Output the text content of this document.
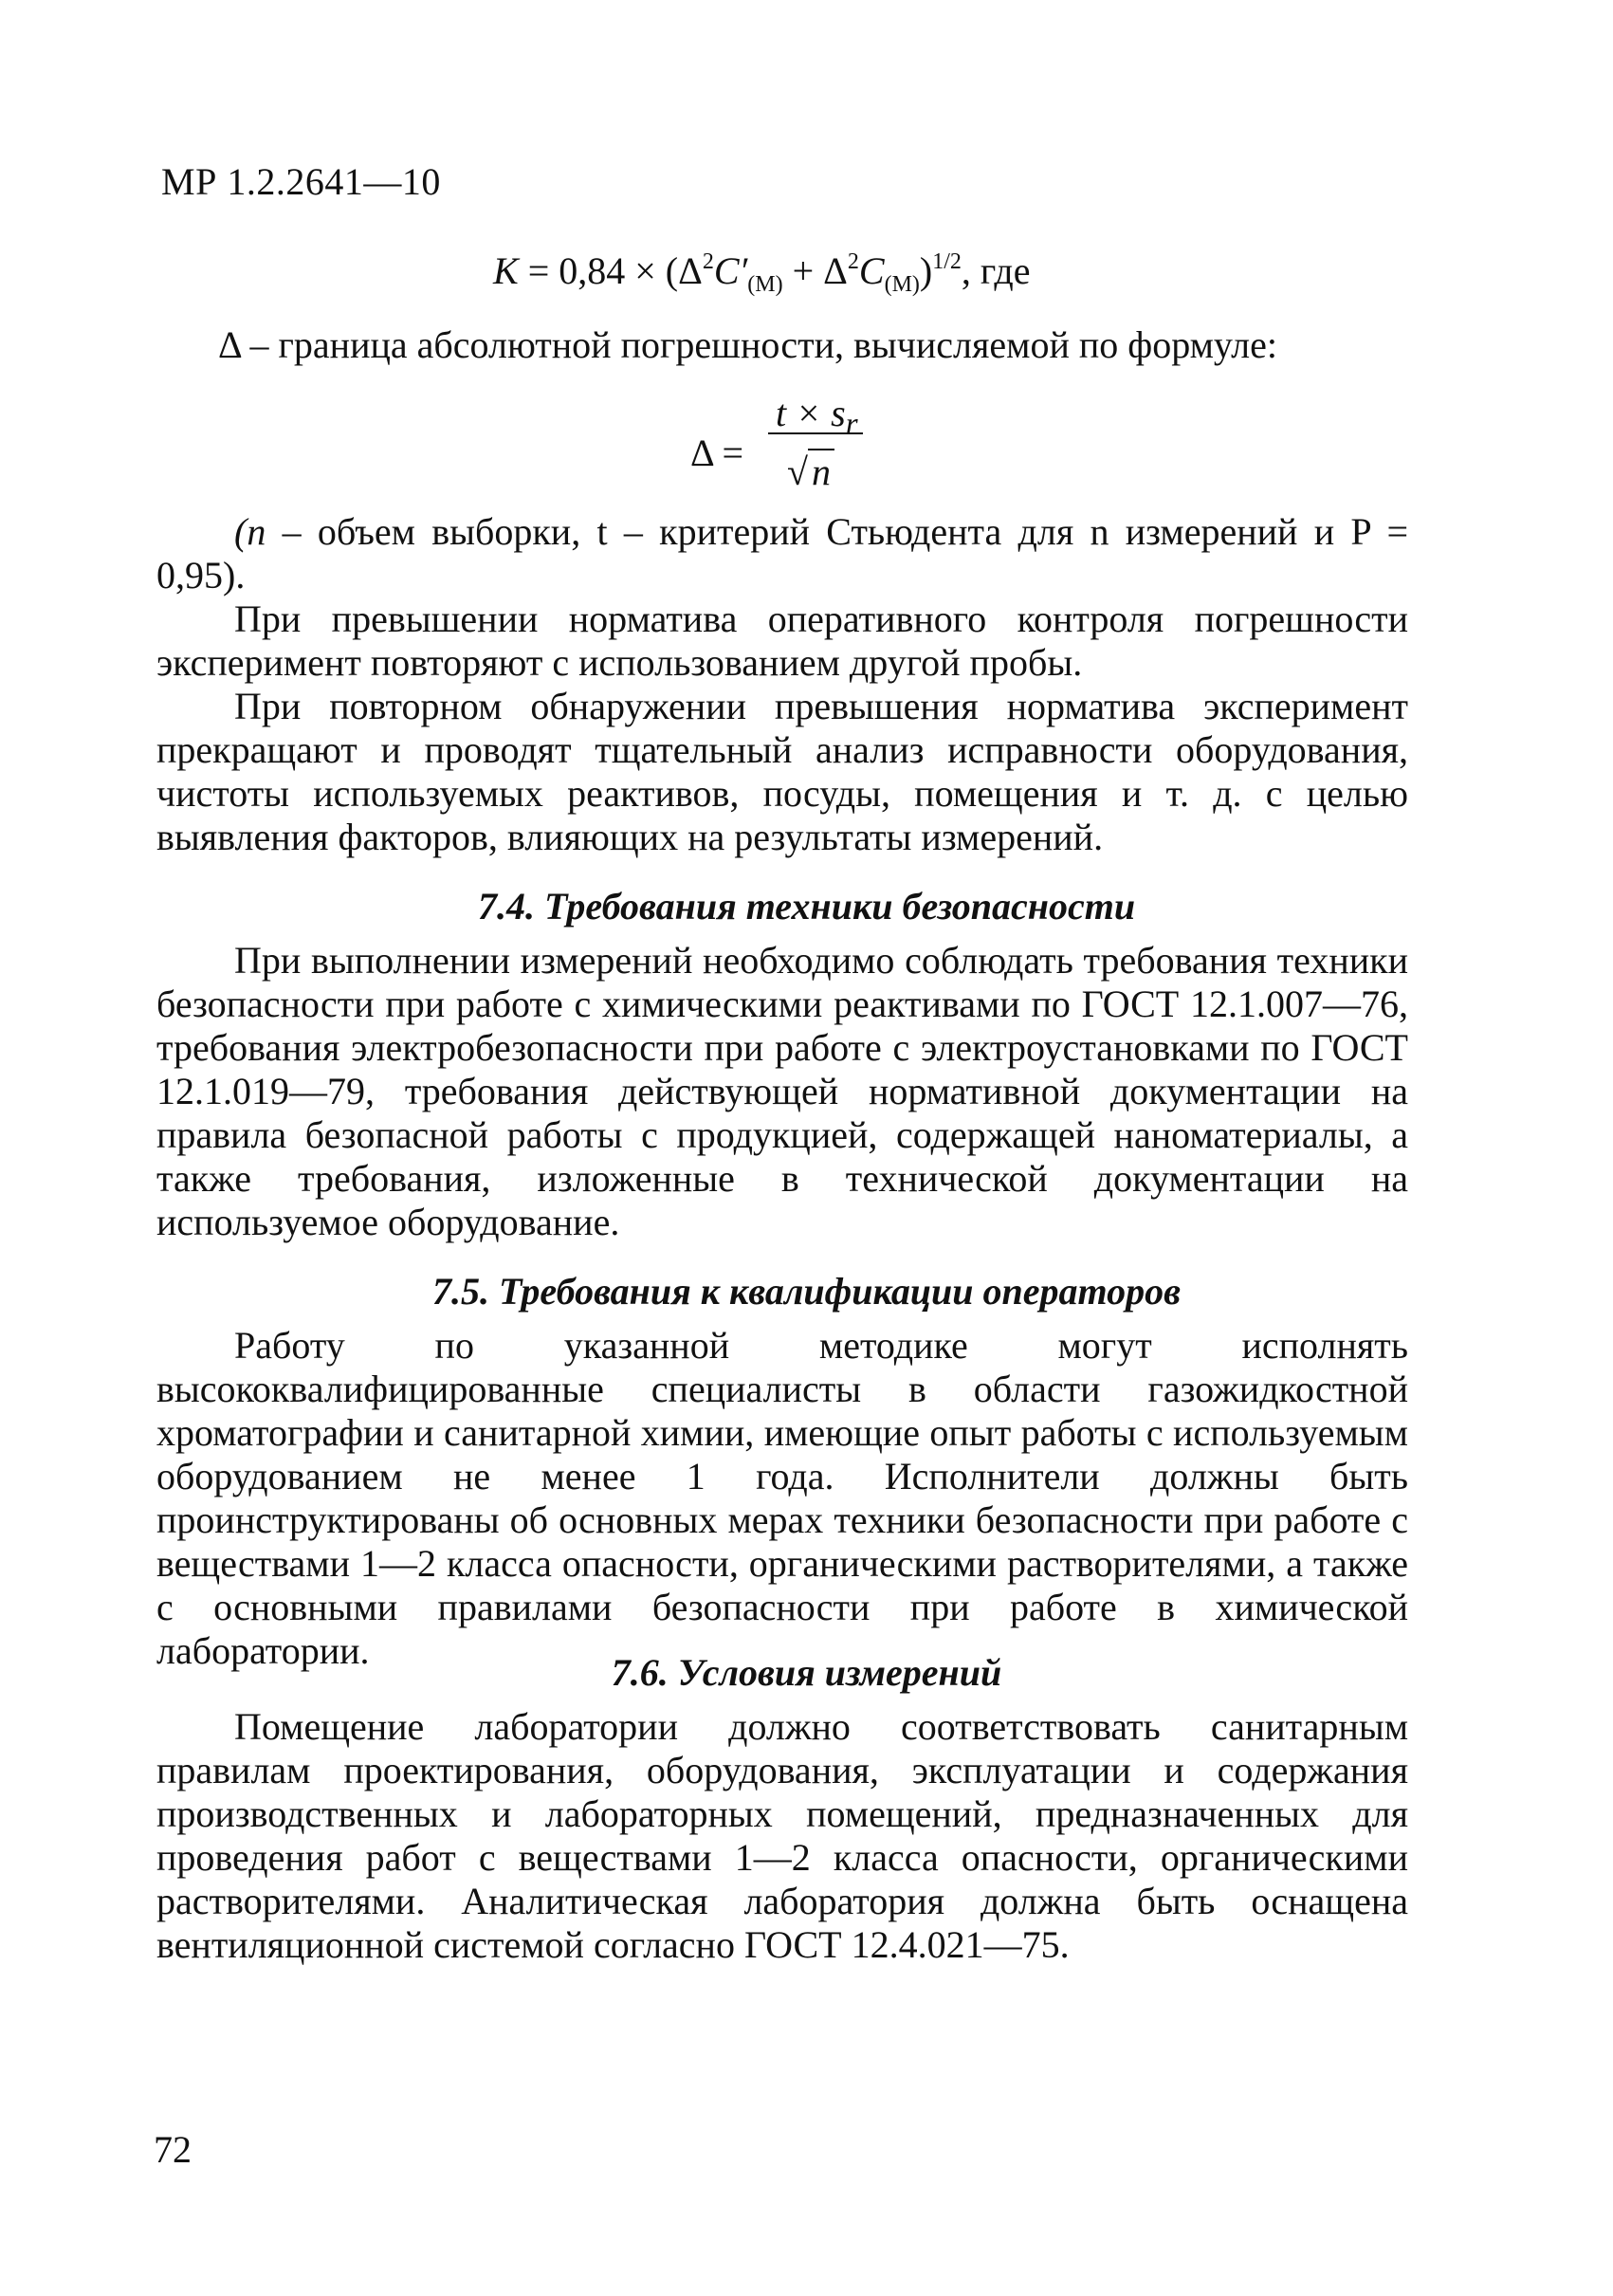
МР 1.2.2641—10
$K = 0,84 \times (\Delta^2C'_{(М)} + \Delta^2C_{(М)})^{1/2}$, где
Δ – граница абсолютной погрешности, вычисляемой по формуле:
Δ =
$t \times s_r$
√ n
(n – объем выборки, t – критерий Стьюдента для n измерений и P = 0,95).
При превышении норматива оперативного контроля погрешности эксперимент повторяют с использованием другой пробы.
При повторном обнаружении превышения норматива эксперимент прекращают и проводят тщательный анализ исправности оборудования, чистоты используемых реактивов, посуды, помещения и т. д. с целью выявления факторов, влияющих на результаты измерений.
7.4. Требования техники безопасности
При выполнении измерений необходимо соблюдать требования техники безопасности при работе с химическими реактивами по ГОСТ 12.1.007—76, требования электробезопасности при работе с электроустановками по ГОСТ 12.1.019—79, требования действующей нормативной документации на правила безопасной работы с продукцией, содержащей наноматериалы, а также требования, изложенные в технической документации на используемое оборудование.
7.5. Требования к квалификации операторов
Работу по указанной методике могут исполнять высококвалифицированные специалисты в области газожидкостной хроматографии и санитарной химии, имеющие опыт работы с используемым оборудованием не менее 1 года. Исполнители должны быть проинструктированы об основных мерах техники безопасности при работе с веществами 1—2 класса опасности, органическими растворителями, а также с основными правилами безопасности при работе в химической лаборатории.
7.6. Условия измерений
Помещение лаборатории должно соответствовать санитарным правилам проектирования, оборудования, эксплуатации и содержания производственных и лабораторных помещений, предназначенных для проведения работ с веществами 1—2 класса опасности, органическими растворителями. Аналитическая лаборатория должна быть оснащена вентиляционной системой согласно ГОСТ 12.4.021—75.
72
